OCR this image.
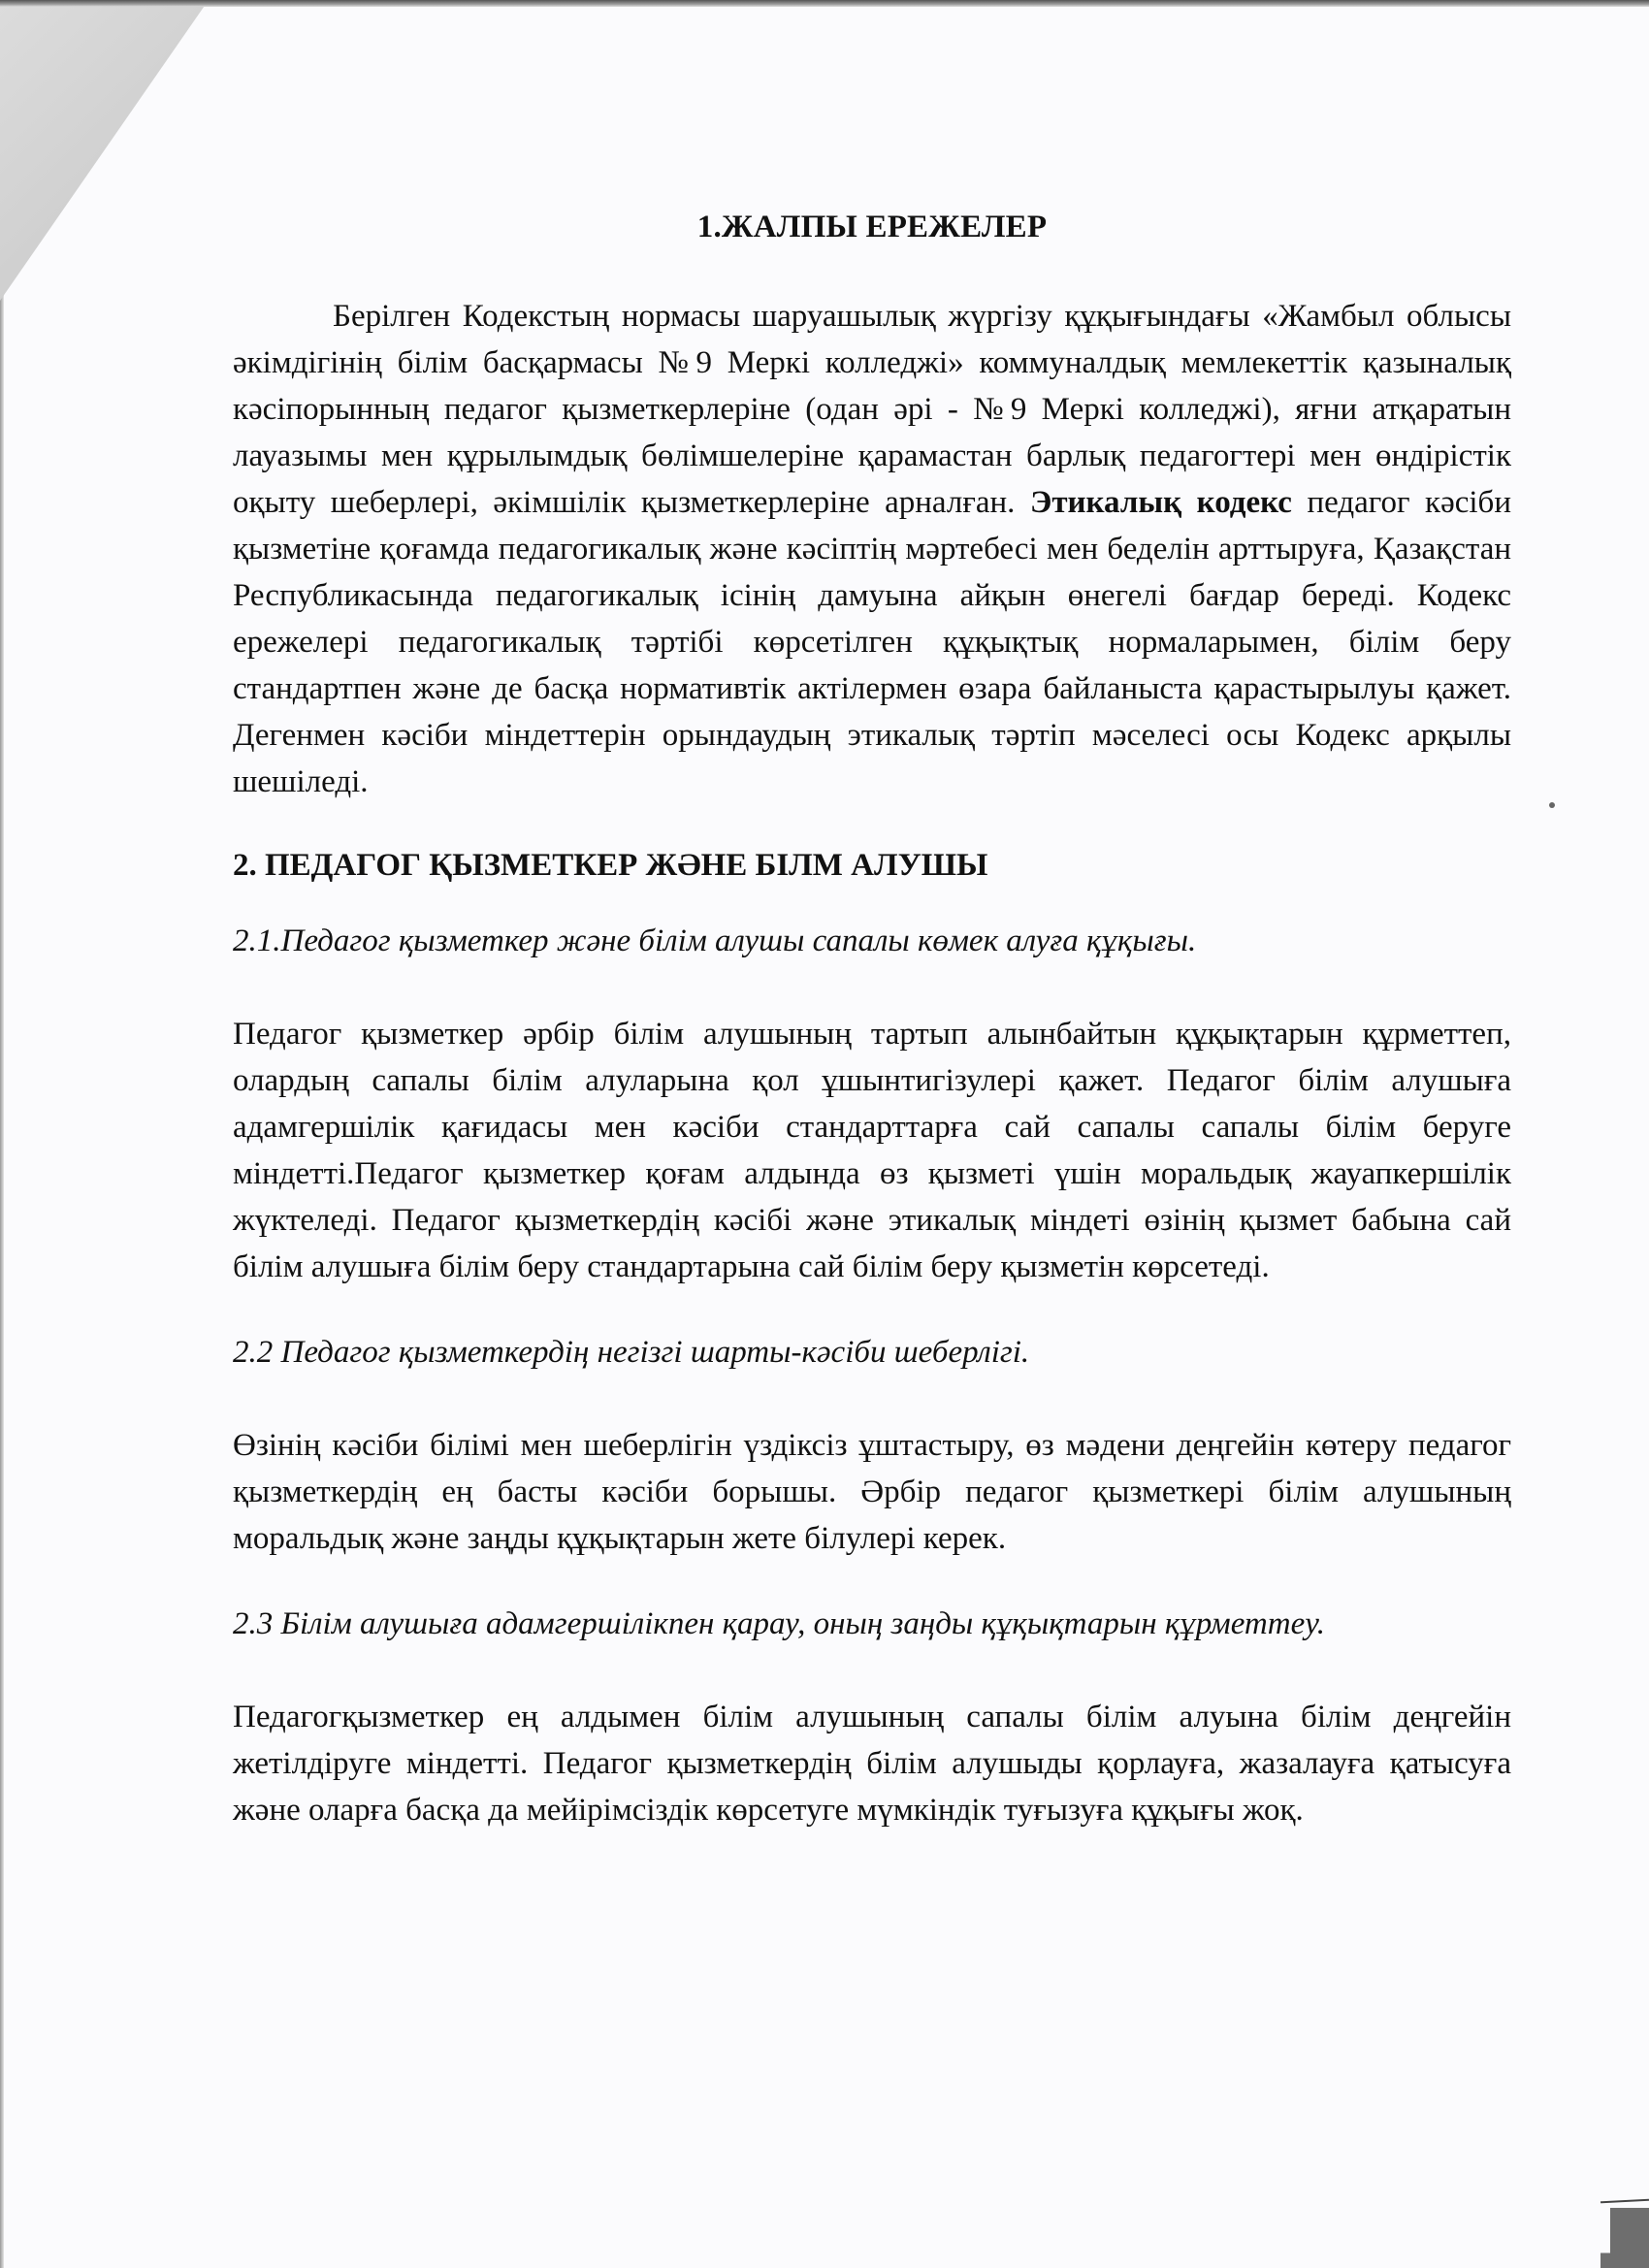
1.ЖАЛПЫ ЕРЕЖЕЛЕР

Берілген Кодекстың нормасы шаруашылық жүргізу құқығындағы «Жамбыл облысы әкімдігінің білім басқармасы №9 Меркі колледжі» коммуналдық мемлекеттік қазыналық кәсіпорынның педагог қызметкерлеріне (одан әрі - №9 Меркі колледжі), яғни атқаратын лауазымы мен құрылымдық бөлімшелеріне қарамастан барлық педагогтері мен өндірістік оқыту шеберлері, әкімшілік қызметкерлеріне арналған. Этикалық кодекс педагог кәсіби қызметіне қоғамда педагогикалық және кәсіптің мәртебесі мен беделін арттыруға, Қазақстан Республикасында педагогикалық ісінің дамуына айқын өнегелі бағдар береді. Кодекс ережелері педагогикалық тәртібі көрсетілген құқықтық нормаларымен, білім беру стандартпен және де басқа нормативтік актілермен өзара байланыста қарастырылуы қажет. Дегенмен кәсіби міндеттерін орындаудың этикалық тәртіп мәселесі осы Кодекс арқылы шешіледі.

2. ПЕДАГОГ ҚЫЗМЕТКЕР ЖӘНЕ БІЛМ АЛУШЫ
2.1.Педагог қызметкер және білім алушы сапалы көмек алуға құқығы.

Педагог қызметкер әрбір білім алушының тартып алынбайтын құқықтарын құрметтеп, олардың сапалы білім алуларына қол ұшынтигізулері қажет. Педагог білім алушыға адамгершілік қағидасы мен кәсіби стандарттарға сай сапалы сапалы білім беруге міндетті.Педагог қызметкер қоғам алдында өз қызметі үшін моральдық жауапкершілік жүктеледі. Педагог қызметкердің кәсібі және этикалық міндеті өзінің қызмет бабына сай білім алушыға білім беру стандартарына сай білім беру қызметін көрсетеді.

2.2 Педагог қызметкердің негізгі шарты-кәсіби шеберлігі.

Өзінің кәсіби білімі мен шеберлігін үздіксіз ұштастыру, өз мәдени деңгейін көтеру педагог қызметкердің ең басты кәсіби борышы. Әрбір педагог қызметкері білім алушының моральдық және заңды құқықтарын жете білулері керек.

2.3 Білім алушыға адамгершілікпен қарау, оның заңды құқықтарын құрметтеу.

Педагогқызметкер ең алдымен білім алушының сапалы білім алуына білім деңгейін жетілдіруге міндетті. Педагог қызметкердің білім алушыды қорлауға, жазалауға қатысуға және оларға басқа да мейірімсіздік көрсетуге мүмкіндік туғызуға құқығы жоқ.
